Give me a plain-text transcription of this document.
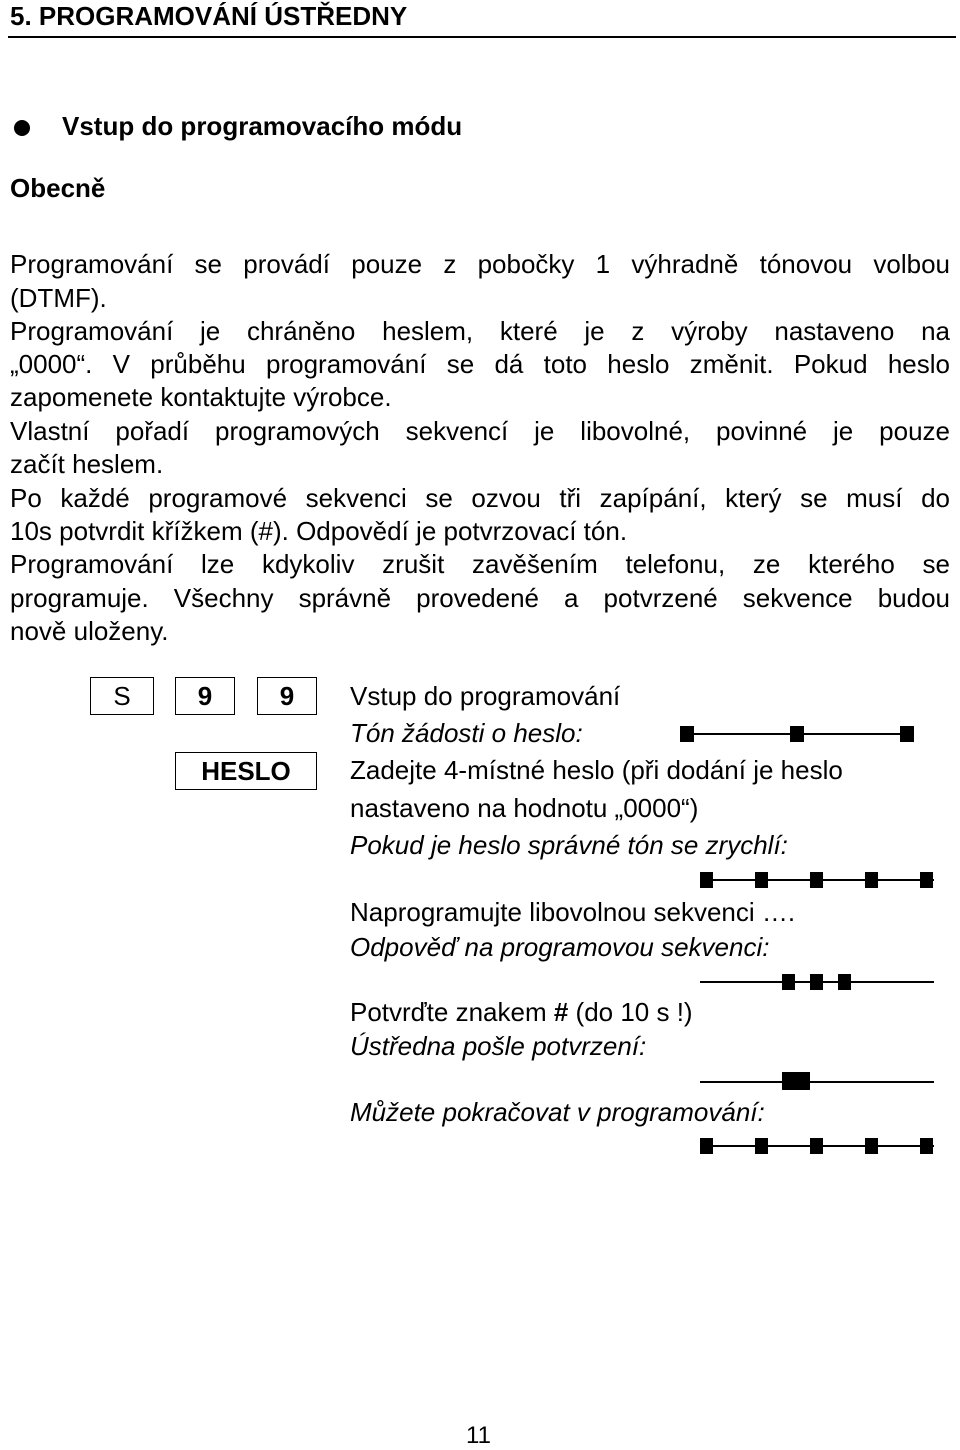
5. PROGRAMOVÁNÍ ÚSTŘEDNY
Vstup do programovacího módu
Obecně
Programování se provádí pouze z pobočky 1 výhradně tónovou volbou
(DTMF).
Programování je chráněno heslem, které je z výroby nastaveno na
„0000“. V průběhu programování se dá toto heslo změnit. Pokud heslo
zapomenete kontaktujte výrobce.
Vlastní pořadí programových sekvencí je libovolné, povinné je pouze
začít heslem.
Po každé programové sekvenci se ozvou tři zapípání, který se musí do
10s potvrdit křížkem (#). Odpovědí je potvrzovací tón.
Programování lze kdykoliv zrušit zavěšením telefonu, ze kterého se
programuje. Všechny správně provedené a potvrzené sekvence budou
nově uloženy.
S	9	9
HESLO
Vstup do programování
Tón žádosti o heslo:
Zadejte 4-místné heslo (při dodání je heslo
nastaveno na hodnotu „0000“)
Pokud je heslo správné tón se zrychlí:
Naprogramujte libovolnou sekvenci ….
Odpověď na programovou sekvenci:
Potvrďte znakem # (do 10 s !)
Ústředna pošle potvrzení:
Můžete pokračovat v programování:
11
